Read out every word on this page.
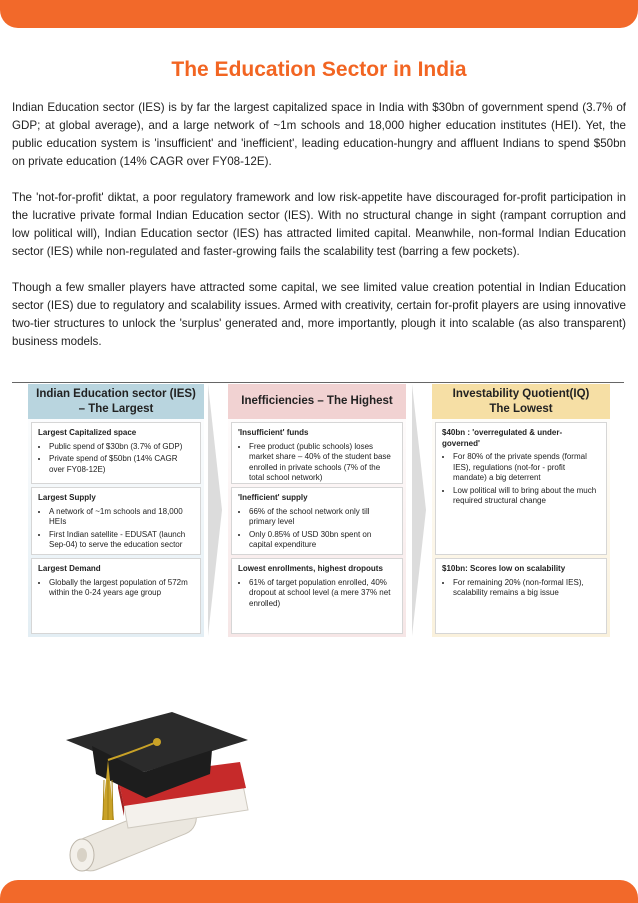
The Education Sector in India

Indian Education sector (IES) is by far the largest capitalized space in India with $30bn of government spend (3.7% of GDP; at global average), and a large network of ~1m schools and 18,000 higher education institutes (HEI). Yet, the public education system is 'insufficient' and 'inefficient', leading education-hungry and affluent Indians to spend $50bn on private education (14% CAGR over FY08-12E).

The 'not-for-profit' diktat, a poor regulatory framework and low risk-appetite have discouraged for-profit participation in the lucrative private formal Indian Education sector (IES). With no structural change in sight (rampant corruption and low political will), Indian Education sector (IES) has attracted limited capital. Meanwhile, non-formal Indian Education sector (IES) while non-regulated and faster-growing fails the scalability test (barring a few pockets).

Though a few smaller players have attracted some capital, we see limited value creation potential in Indian Education sector (IES) due to regulatory and scalability issues. Armed with creativity, certain for-profit players are using innovative two-tier structures to unlock the 'surplus' generated and, more importantly, plough it into scalable (as also transparent) business models.

Indian Education sector (IES)
– The Largest
Largest Capitalized space
• Public spend of $30bn (3.7% of GDP)
• Private spend of $50bn (14% CAGR over FY08-12E)
Largest Supply
• A network of ~1m schools and 18,000 HEIs
• First Indian satellite - EDUSAT (launch Sep-04) to serve the education sector
Largest Demand
• Globally the largest population of 572m within the 0-24 years age group
Inefficiencies – The Highest
'Insufficient' funds
• Free product (public schools) loses market share – 40% of the student base enrolled in private schools (7% of the total school network)
'Inefficient' supply
• 66% of the school network only till primary level
• Only 0.85% of USD 30bn spent on capital expenditure
Lowest enrollments, highest dropouts
• 61% of target population enrolled, 40% dropout at school level (a mere 37% net enrolled)
Investability Quotient(IQ)
The Lowest
$40bn : 'overregulated & under-governed'
• For 80% of the private spends (formal IES), regulations (not-for - profit mandate) a big deterrent
• Low political will to bring about the much required structural change
$10bn: Scores low on scalability
• For remaining 20% (non-formal IES), scalability remains a big issue
